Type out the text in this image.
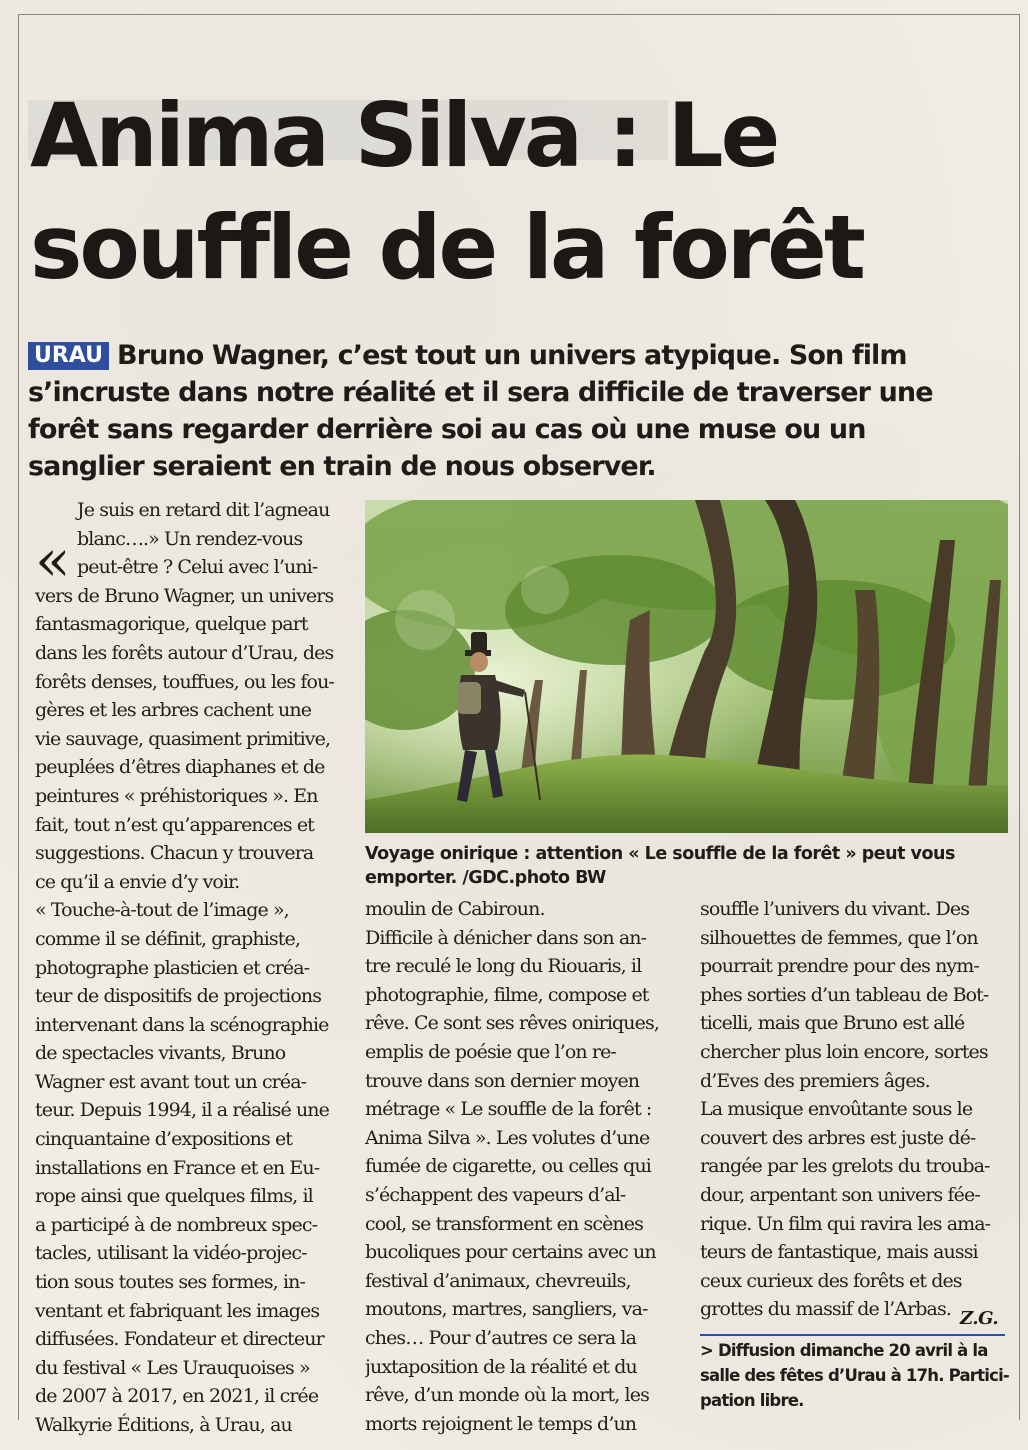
Anima Silva : Le
souffle de la forêt
URAU Bruno Wagner, c’est tout un univers atypique. Son film
s’incruste dans notre réalité et il sera difficile de traverser une
forêt sans regarder derrière soi au cas où une muse ou un
sanglier seraient en train de nous observer.
«
Je suis en retard dit l’agneau
blanc….» Un rendez-vous
peut-être ? Celui avec l’uni-
vers de Bruno Wagner, un univers
fantasmagorique, quelque part
dans les forêts autour d’Urau, des
forêts denses, touffues, ou les fou-
gères et les arbres cachent une
vie sauvage, quasiment primitive,
peuplées d’êtres diaphanes et de
peintures « préhistoriques ». En
fait, tout n’est qu’apparences et
suggestions. Chacun y trouvera
ce qu’il a envie d’y voir.
« Touche-à-tout de l’image »,
comme il se définit, graphiste,
photographe plasticien et créa-
teur de dispositifs de projections
intervenant dans la scénographie
de spectacles vivants, Bruno
Wagner est avant tout un créa-
teur. Depuis 1994, il a réalisé une
cinquantaine d’expositions et
installations en France et en Eu-
rope ainsi que quelques films, il
a participé à de nombreux spec-
tacles, utilisant la vidéo-projec-
tion sous toutes ses formes, in-
ventant et fabriquant les images
diffusées. Fondateur et directeur
du festival « Les Urauquoises »
de 2007 à 2017, en 2021, il crée
Walkyrie Éditions, à Urau, au
Voyage onirique : attention « Le souffle de la forêt » peut vous
emporter. /GDC.photo BW
moulin de Cabiroun.
Difficile à dénicher dans son an-
tre reculé le long du Riouaris, il
photographie, filme, compose et
rêve. Ce sont ses rêves oniriques,
emplis de poésie que l’on re-
trouve dans son dernier moyen
métrage « Le souffle de la forêt :
Anima Silva ». Les volutes d’une
fumée de cigarette, ou celles qui
s’échappent des vapeurs d’al-
cool, se transforment en scènes
bucoliques pour certains avec un
festival d’animaux, chevreuils,
moutons, martres, sangliers, va-
ches… Pour d’autres ce sera la
juxtaposition de la réalité et du
rêve, d’un monde où la mort, les
morts rejoignent le temps d’un
souffle l’univers du vivant. Des
silhouettes de femmes, que l’on
pourrait prendre pour des nym-
phes sorties d’un tableau de Bot-
ticelli, mais que Bruno est allé
chercher plus loin encore, sortes
d’Eves des premiers âges.
La musique envoûtante sous le
couvert des arbres est juste dé-
rangée par les grelots du trouba-
dour, arpentant son univers fée-
rique. Un film qui ravira les ama-
teurs de fantastique, mais aussi
ceux curieux des forêts et des
grottes du massif de l’Arbas. Z.G.
> Diffusion dimanche 20 avril à la
salle des fêtes d’Urau à 17h. Partici-
pation libre.
